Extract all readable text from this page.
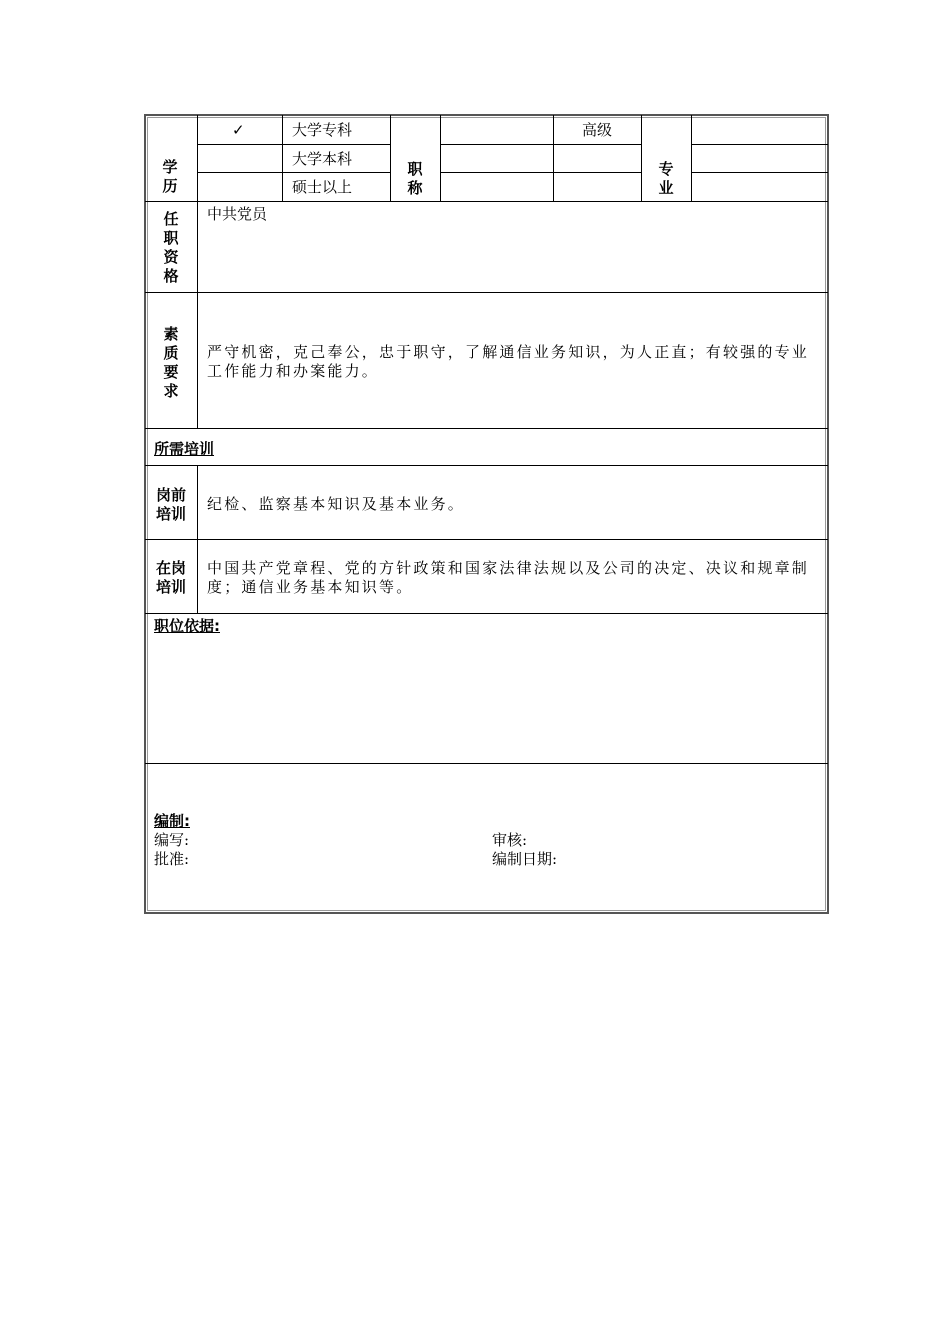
学历
✓	大学专科
大学本科
硕士以上
职称
高级
专业
任职资格
中共党员
素质要求
严守机密，克己奉公，忠于职守，了解通信业务知识，为人正直；有较强的专业工作能力和办案能力。
所需培训
岗前培训
纪检、监察基本知识及基本业务。
在岗培训
中国共产党章程、党的方针政策和国家法律法规以及公司的决定、决议和规章制度；通信业务基本知识等。
职位依据:
编制:
编写:
批准:
审核:
编制日期:
